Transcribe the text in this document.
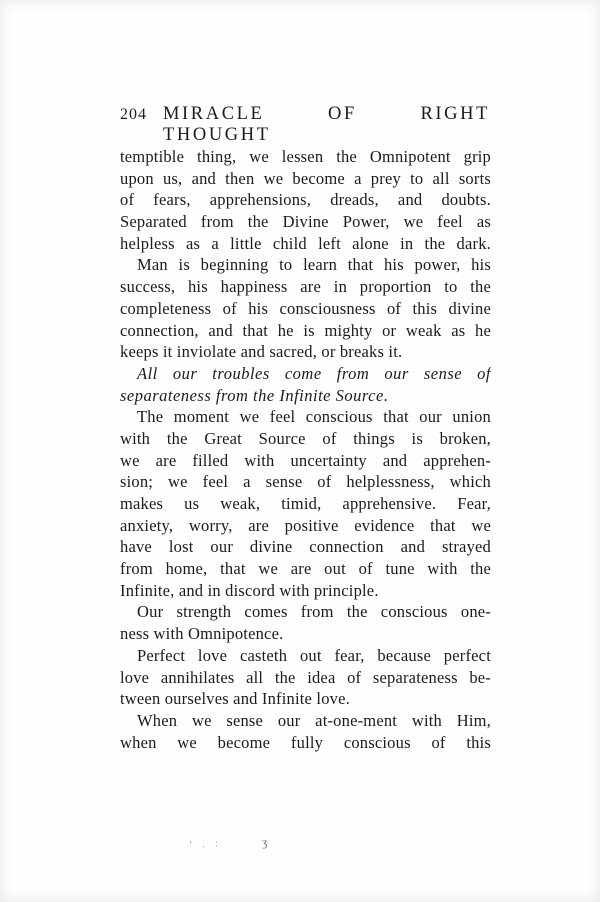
204 MIRACLE OF RIGHT THOUGHT
temptible thing, we lessen the Omnipotent grip
upon us, and then we become a prey to all sorts
of fears, apprehensions, dreads, and doubts.
Separated from the Divine Power, we feel as
helpless as a little child left alone in the dark.
Man is beginning to learn that his power, his
success, his happiness are in proportion to the
completeness of his consciousness of this divine
connection, and that he is mighty or weak as he
keeps it inviolate and sacred, or breaks it.
All our troubles come from our sense of
separateness from the Infinite Source.
The moment we feel conscious that our union
with the Great Source of things is broken,
we are filled with uncertainty and apprehen-
sion; we feel a sense of helplessness, which
makes us weak, timid, apprehensive. Fear,
anxiety, worry, are positive evidence that we
have lost our divine connection and strayed
from home, that we are out of tune with the
Infinite, and in discord with principle.
Our strength comes from the conscious one-
ness with Omnipotence.
Perfect love casteth out fear, because perfect
love annihilates all the idea of separateness be-
tween ourselves and Infinite love.
When we sense our at-one-ment with Him,
when we become fully conscious of this
’ . :	ʒ
